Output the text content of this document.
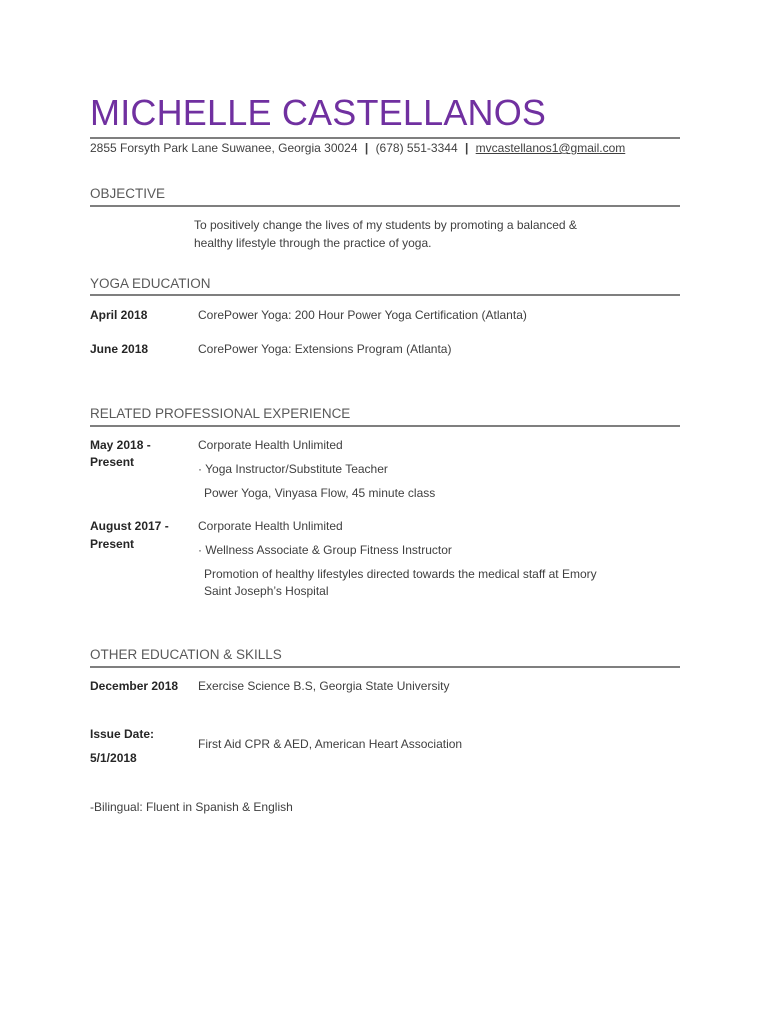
MICHELLE CASTELLANOS
2855 Forsyth Park Lane Suwanee, Georgia 30024 | (678) 551-3344 | mvcastellanos1@gmail.com
OBJECTIVE
To positively change the lives of my students by promoting a balanced &
healthy lifestyle through the practice of yoga.
YOGA EDUCATION
April 2018	CorePower Yoga: 200 Hour Power Yoga Certification (Atlanta)
June 2018	CorePower Yoga: Extensions Program (Atlanta)
RELATED PROFESSIONAL EXPERIENCE
May 2018 -
Present
Corporate Health Unlimited
· Yoga Instructor/Substitute Teacher
Power Yoga, Vinyasa Flow, 45 minute class
August 2017 -
Present
Corporate Health Unlimited
· Wellness Associate & Group Fitness Instructor
Promotion of healthy lifestyles directed towards the medical staff at Emory
Saint Joseph’s Hospital
OTHER EDUCATION & SKILLS
December 2018 Exercise Science B.S, Georgia State University
Issue Date:
5/1/2018
First Aid CPR & AED, American Heart Association
-Bilingual: Fluent in Spanish & English
